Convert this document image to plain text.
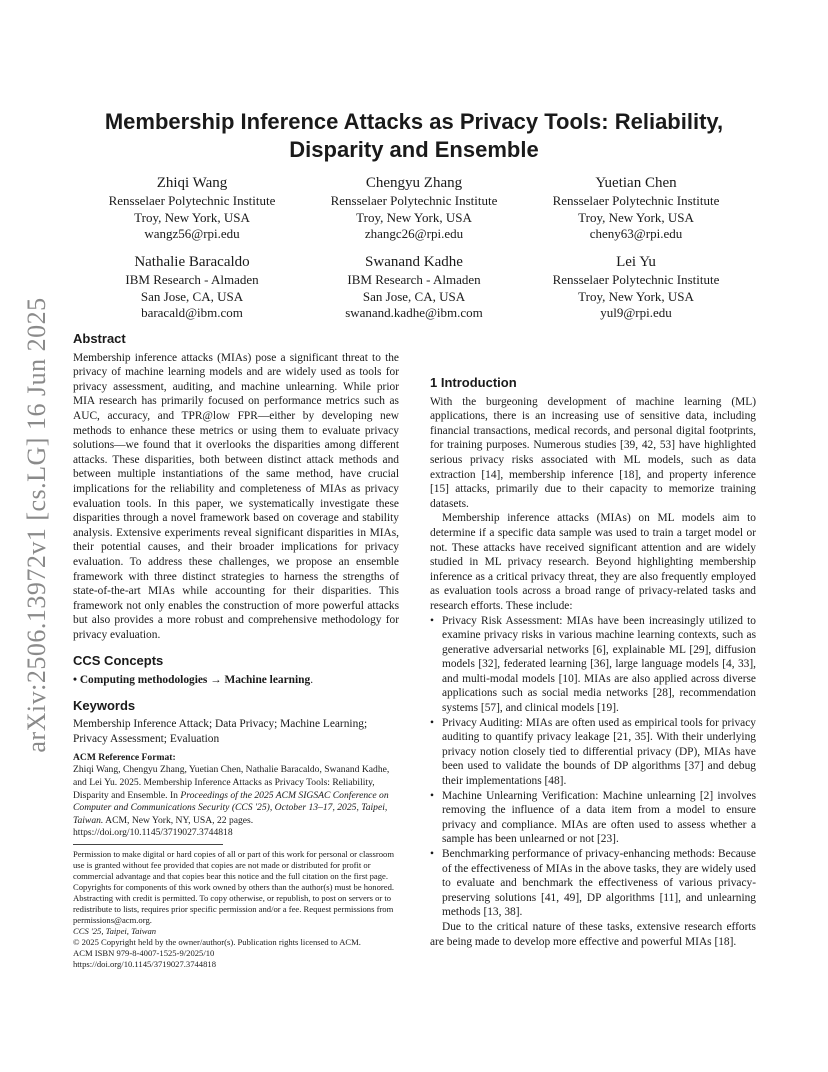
arXiv:2506.13972v1 [cs.LG] 16 Jun 2025
Membership Inference Attacks as Privacy Tools: Reliability,
Disparity and Ensemble
Zhiqi Wang
Rensselaer Polytechnic Institute
Troy, New York, USA
wangz56@rpi.edu
Chengyu Zhang
Rensselaer Polytechnic Institute
Troy, New York, USA
zhangc26@rpi.edu
Yuetian Chen
Rensselaer Polytechnic Institute
Troy, New York, USA
cheny63@rpi.edu
Nathalie Baracaldo
IBM Research - Almaden
San Jose, CA, USA
baracald@ibm.com
Swanand Kadhe
IBM Research - Almaden
San Jose, CA, USA
swanand.kadhe@ibm.com
Lei Yu
Rensselaer Polytechnic Institute
Troy, New York, USA
yul9@rpi.edu
Abstract

Membership inference attacks (MIAs) pose a significant threat to the privacy of machine learning models and are widely used as tools for privacy assessment, auditing, and machine unlearning. While prior MIA research has primarily focused on performance metrics such as AUC, accuracy, and TPR@low FPR—either by developing new methods to enhance these metrics or using them to evaluate privacy solutions—we found that it overlooks the disparities among different attacks. These disparities, both between distinct attack methods and between multiple instantiations of the same method, have crucial implications for the reliability and completeness of MIAs as privacy evaluation tools. In this paper, we systematically investigate these disparities through a novel framework based on coverage and stability analysis. Extensive experiments reveal significant disparities in MIAs, their potential causes, and their broader implications for privacy evaluation. To address these challenges, we propose an ensemble framework with three distinct strategies to harness the strengths of state-of-the-art MIAs while accounting for their disparities. This framework not only enables the construction of more powerful attacks but also provides a more robust and comprehensive methodology for privacy evaluation.

CCS Concepts

• Computing methodologies → Machine learning.

Keywords

Membership Inference Attack; Data Privacy; Machine Learning; Privacy Assessment; Evaluation

ACM Reference Format:
Zhiqi Wang, Chengyu Zhang, Yuetian Chen, Nathalie Baracaldo, Swanand Kadhe, and Lei Yu. 2025. Membership Inference Attacks as Privacy Tools: Reliability, Disparity and Ensemble. In Proceedings of the 2025 ACM SIGSAC Conference on Computer and Communications Security (CCS '25), October 13–17, 2025, Taipei, Taiwan. ACM, New York, NY, USA, 22 pages. https://doi.org/10.1145/3719027.3744818
Permission to make digital or hard copies of all or part of this work for personal or classroom use is granted without fee provided that copies are not made or distributed for profit or commercial advantage and that copies bear this notice and the full citation on the first page. Copyrights for components of this work owned by others than the author(s) must be honored. Abstracting with credit is permitted. To copy otherwise, or republish, to post on servers or to redistribute to lists, requires prior specific permission and/or a fee. Request permissions from permissions@acm.org.
CCS '25, Taipei, Taiwan
© 2025 Copyright held by the owner/author(s). Publication rights licensed to ACM.
ACM ISBN 979-8-4007-1525-9/2025/10
https://doi.org/10.1145/3719027.3744818
1 Introduction

With the burgeoning development of machine learning (ML) applications, there is an increasing use of sensitive data, including financial transactions, medical records, and personal digital footprints, for training purposes. Numerous studies [39, 42, 53] have highlighted serious privacy risks associated with ML models, such as data extraction [14], membership inference [18], and property inference [15] attacks, primarily due to their capacity to memorize training datasets.

Membership inference attacks (MIAs) on ML models aim to determine if a specific data sample was used to train a target model or not. These attacks have received significant attention and are widely studied in ML privacy research. Beyond highlighting membership inference as a critical privacy threat, they are also frequently employed as evaluation tools across a broad range of privacy-related tasks and research efforts. These include:

• Privacy Risk Assessment: MIAs have been increasingly utilized to examine privacy risks in various machine learning contexts, such as generative adversarial networks [6], explainable ML [29], diffusion models [32], federated learning [36], large language models [4, 33], and multi-modal models [10]. MIAs are also applied across diverse applications such as social media networks [28], recommendation systems [57], and clinical models [19].
• Privacy Auditing: MIAs are often used as empirical tools for privacy auditing to quantify privacy leakage [21, 35]. With their underlying privacy notion closely tied to differential privacy (DP), MIAs have been used to validate the bounds of DP algorithms [37] and debug their implementations [48].
• Machine Unlearning Verification: Machine unlearning [2] involves removing the influence of a data item from a model to ensure privacy and compliance. MIAs are often used to assess whether a sample has been unlearned or not [23].
• Benchmarking performance of privacy-enhancing methods: Because of the effectiveness of MIAs in the above tasks, they are widely used to evaluate and benchmark the effectiveness of various privacy-preserving solutions [41, 49], DP algorithms [11], and unlearning methods [13, 38].

Due to the critical nature of these tasks, extensive research efforts are being made to develop more effective and powerful MIAs [18].
